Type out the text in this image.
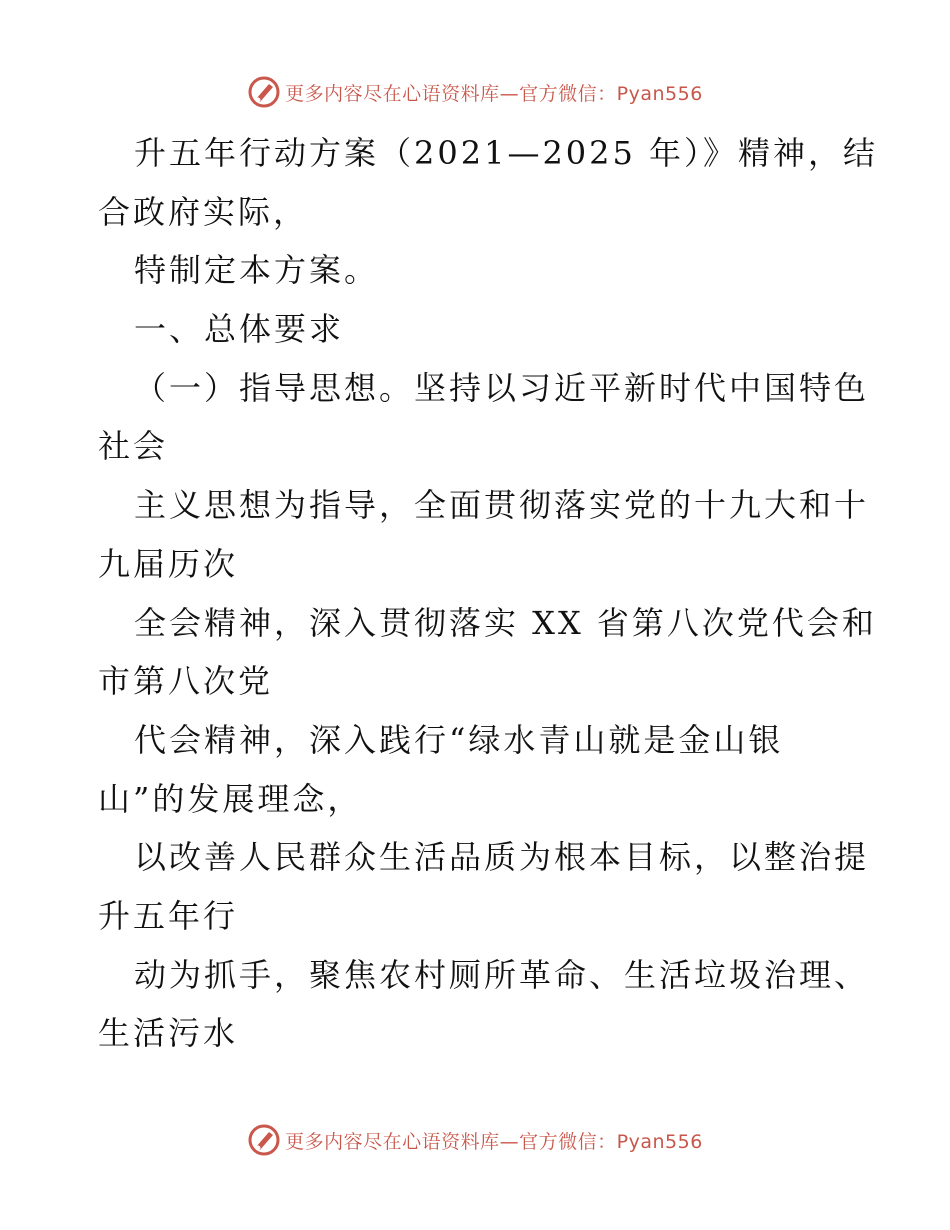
更多内容尽在心语资料库—官方微信：Pyan556
升五年行动方案（2021—2025 年）》精神，结
合政府实际，
特制定本方案。
一、总体要求
（一）指导思想。坚持以习近平新时代中国特色
社会
主义思想为指导，全面贯彻落实党的十九大和十
九届历次
全会精神，深入贯彻落实 XX 省第八次党代会和
市第八次党
代会精神，深入践行“绿水青山就是金山银
山”的发展理念，
以改善人民群众生活品质为根本目标，以整治提
升五年行
动为抓手，聚焦农村厕所革命、生活垃圾治理、
生活污水
更多内容尽在心语资料库—官方微信：Pyan556
